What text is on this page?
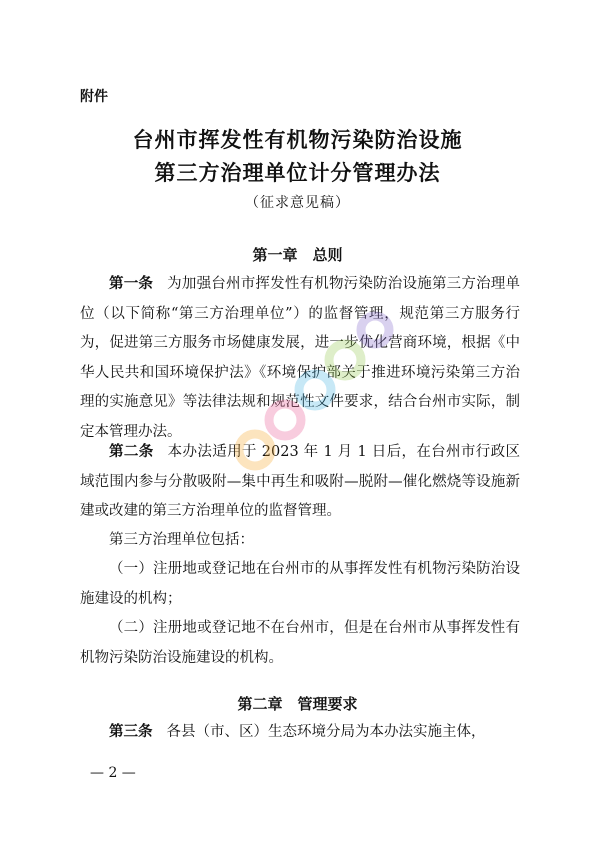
附件
台州市挥发性有机物污染防治设施
第三方治理单位计分管理办法
（征求意见稿）
第一章　总则
第一条 为加强台州市挥发性有机物污染防治设施第三方治理单位（以下简称“第三方治理单位”）的监督管理，规范第三方服务行为，促进第三方服务市场健康发展，进一步优化营商环境，根据《中华人民共和国环境保护法》《环境保护部关于推进环境污染第三方治理的实施意见》等法律法规和规范性文件要求，结合台州市实际，制定本管理办法。
第二条 本办法适用于 2023 年 1 月 1 日后，在台州市行政区域范围内参与分散吸附—集中再生和吸附—脱附—催化燃烧等设施新建或改建的第三方治理单位的监督管理。
第三方治理单位包括：
（一）注册地或登记地在台州市的从事挥发性有机物污染防治设施建设的机构；
（二）注册地或登记地不在台州市，但是在台州市从事挥发性有机物污染防治设施建设的机构。
第二章　管理要求
第三条 各县（市、区）生态环境分局为本办法实施主体，
— 2 —
